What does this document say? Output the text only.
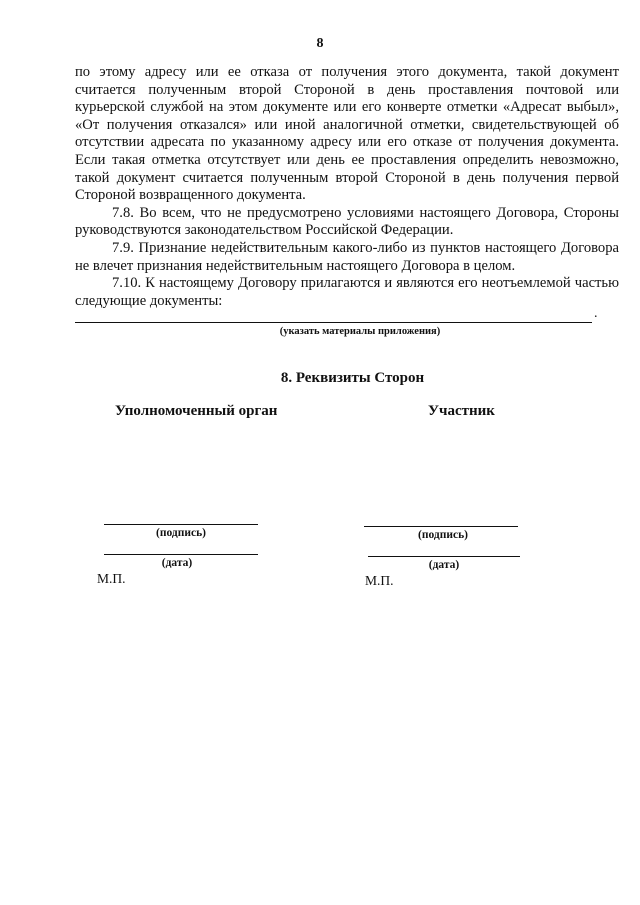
8

по этому адресу или ее отказа от получения этого документа, такой документ считается полученным второй Стороной в день проставления почтовой или курьерской службой на этом документе или его конверте отметки «Адресат выбыл», «От получения отказался» или иной аналогичной отметки, свидетельствующей об отсутствии адресата по указанному адресу или его отказе от получения документа. Если такая отметка отсутствует или день ее проставления определить невозможно, такой документ считается полученным второй Стороной в день получения первой Стороной возвращенного документа.

7.8. Во всем, что не предусмотрено условиями настоящего Договора, Стороны руководствуются законодательством Российской Федерации.

7.9. Признание недействительным какого-либо из пунктов настоящего Договора не влечет признания недействительным настоящего Договора в целом.

7.10. К настоящему Договору прилагаются и являются его неотъемлемой частью следующие документы:

.
(указать материалы приложения)
8. Реквизиты Сторон
Уполномоченный орган	Участник
(подпись)
(дата)
М.П.
(подпись)
(дата)
М.П.
